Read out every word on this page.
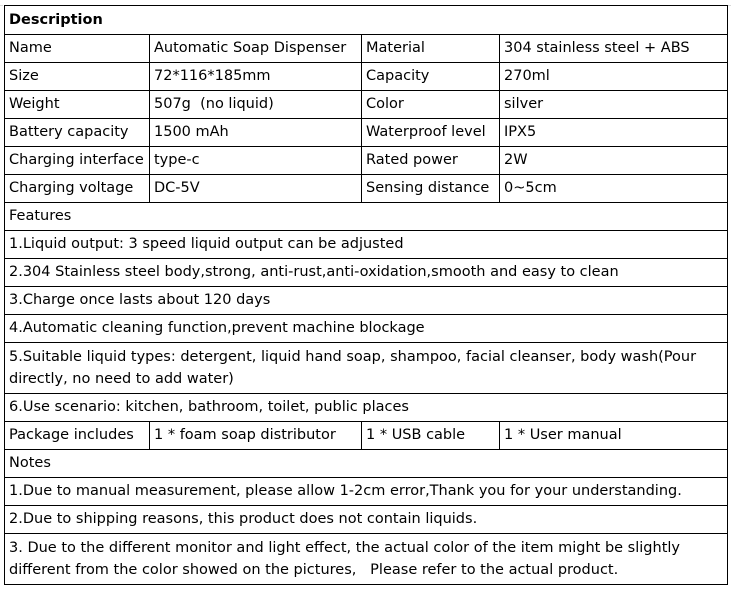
Description			
Name	Automatic Soap Dispenser	Material	304 stainless steel + ABS
Size	72*116*185mm	Capacity	270ml
Weight	507g  (no liquid)	Color	silver
Battery capacity	1500 mAh	Waterproof level	IPX5
Charging interface	type-c	Rated power	2W
Charging voltage	DC-5V	Sensing distance	0~5cm
Features			
1.Liquid output: 3 speed liquid output can be adjusted			
2.304 Stainless steel body,strong, anti-rust,anti-oxidation,smooth and easy to clean			
3.Charge once lasts about 120 days			
4.Automatic cleaning function,prevent machine blockage			
5.Suitable liquid types: detergent, liquid hand soap, shampoo, facial cleanser, body wash(Pour directly, no need to add water)			
6.Use scenario: kitchen, bathroom, toilet, public places			
Package includes	1 * foam soap distributor	1 * USB cable	1 * User manual
Notes			
1.Due to manual measurement, please allow 1-2cm error,Thank you for your understanding.			
2.Due to shipping reasons, this product does not contain liquids.			
3. Due to the different monitor and light effect, the actual color of the item might be slightly different from the color showed on the pictures,   Please refer to the actual product.			
